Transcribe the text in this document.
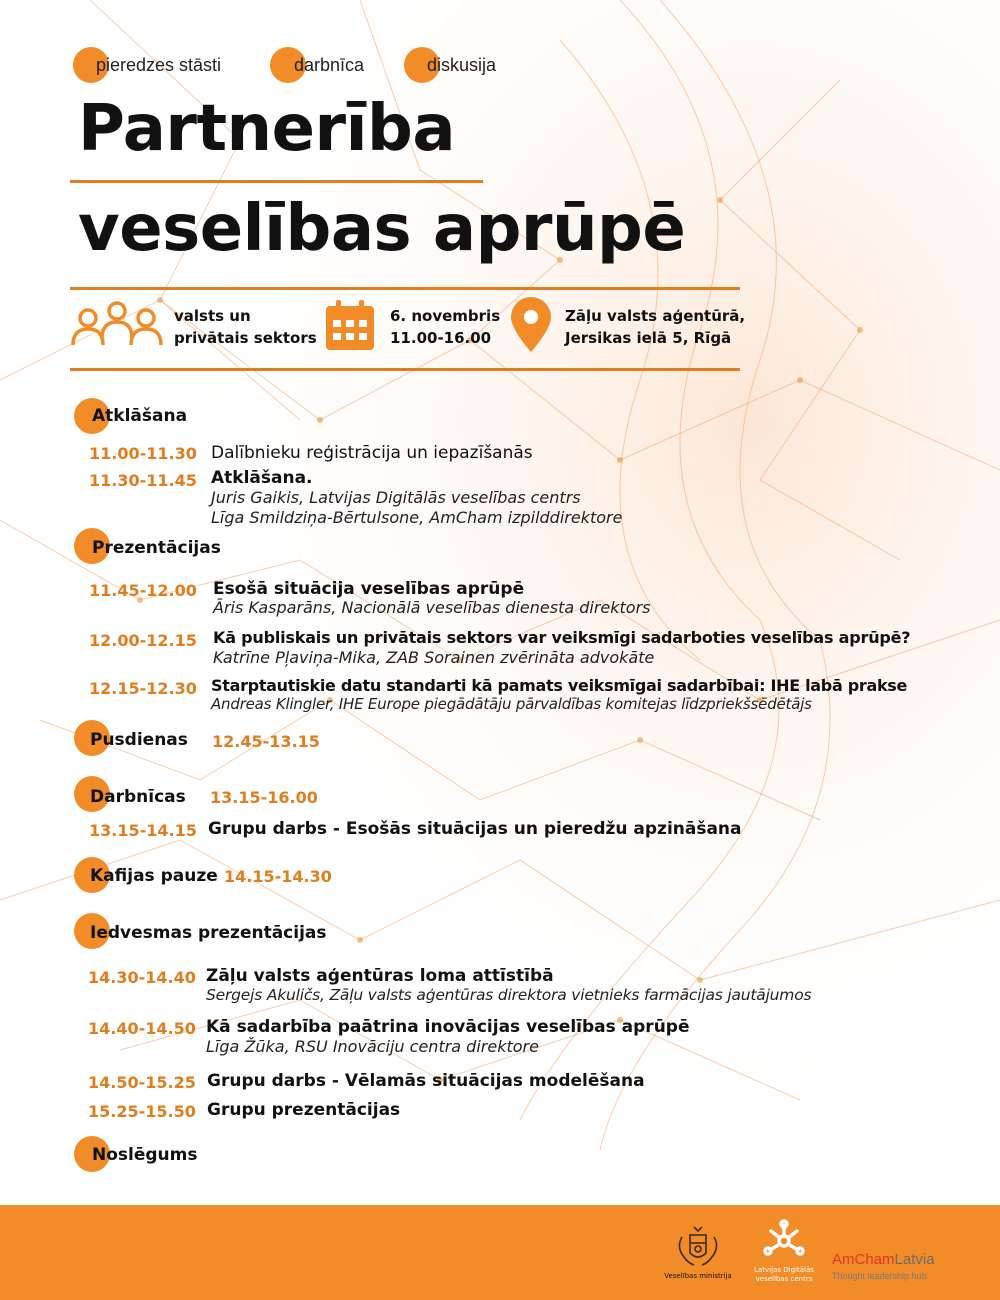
pieredzes stāsti	darbnīca	diskusija
Partnerība
veselības aprūpē
valsts un
privātais sektors
6. novembris
11.00-16.00
Zāļu valsts aģentūrā,
Jersikas ielā 5, Rīgā
Atklāšana
11.00-11.30 Dalībnieku reģistrācija un iepazīšanās
11.30-11.45 Atklāšana.
Juris Gaikis, Latvijas Digitālās veselības centrs
Līga Smildziņa-Bērtulsone, AmCham izpilddirektore
Prezentācijas
11.45-12.00 Esošā situācija veselības aprūpē
Āris Kasparāns, Nacionālā veselības dienesta direktors
12.00-12.15 Kā publiskais un privātais sektors var veiksmīgi sadarboties veselības aprūpē?
Katrīne Pļaviņa-Mika, ZAB Sorainen zvērināta advokāte
12.15-12.30 Starptautiskie datu standarti kā pamats veiksmīgai sadarbībai: IHE labā prakse
Andreas Klingler, IHE Europe piegādātāju pārvaldības komitejas līdzpriekšsēdētājs
Pusdienas 12.45-13.15
Darbnīcas 13.15-16.00
13.15-14.15 Grupu darbs - Esošās situācijas un pieredžu apzināšana
Kafijas pauze 14.15-14.30
Iedvesmas prezentācijas
14.30-14.40 Zāļu valsts aģentūras loma attīstībā
Sergejs Akuličs, Zāļu valsts aģentūras direktora vietnieks farmācijas jautājumos
14.40-14.50 Kā sadarbība paātrina inovācijas veselības aprūpē
Līga Žūka, RSU Inovāciju centra direktore
14.50-15.25 Grupu darbs - Vēlamās situācijas modelēšana
15.25-15.50 Grupu prezentācijas
Noslēgums
Veselības ministrija
Latvijas Digitālās
veselības centrs
AmChamLatvia
Thought leadership hub
